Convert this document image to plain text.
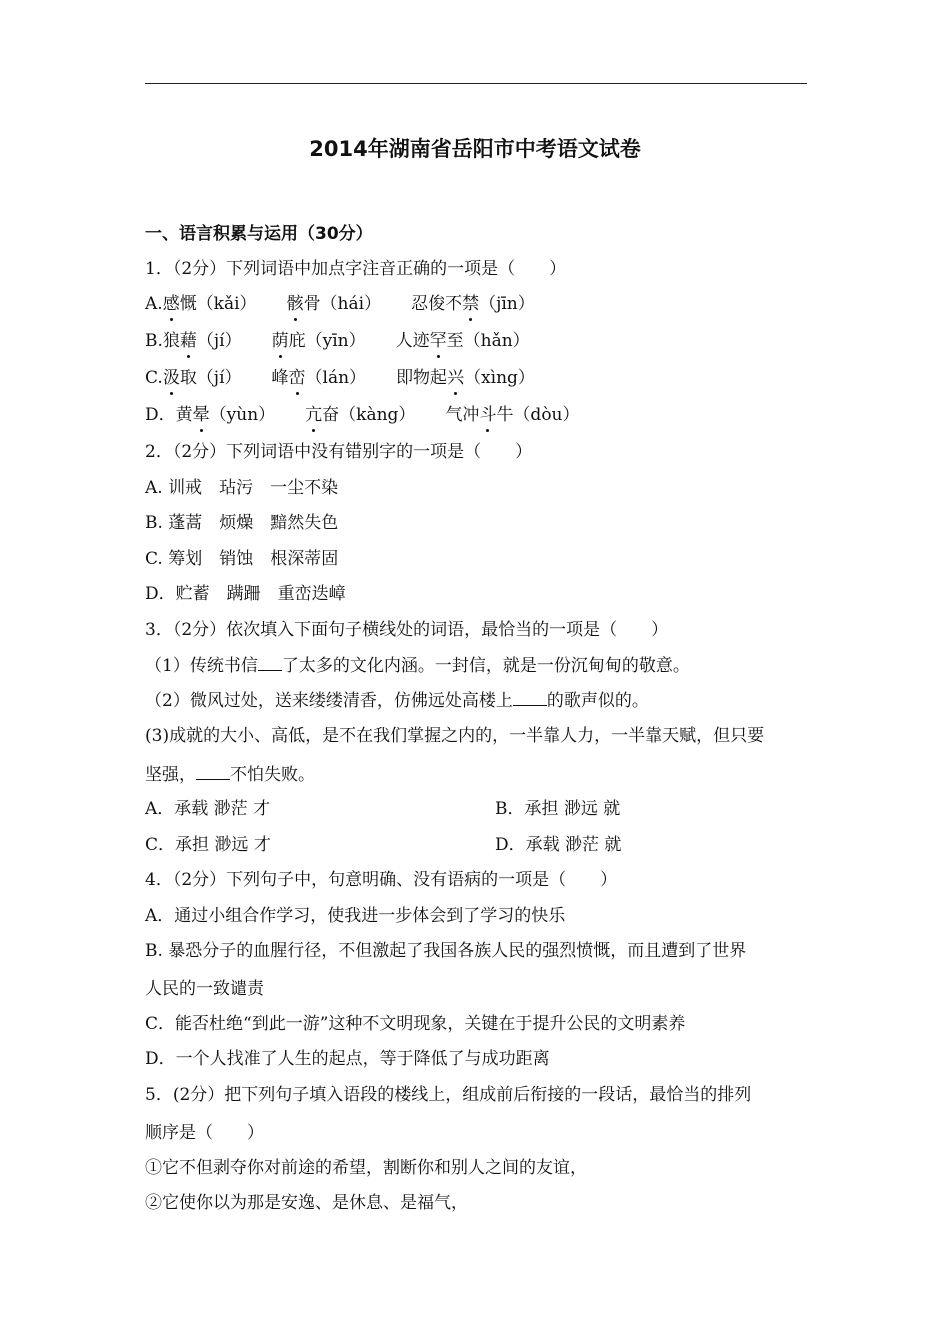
2014年湖南省岳阳市中考语文试卷
一、语言积累与运用（30分）
1．（2分）下列词语中加点字注音正确的一项是（　　）
A.感慨（kǎi） 骸骨（hái） 忍俊不禁（jīn）
B.狼藉（jí） 荫庇（yīn） 人迹罕至（hǎn）
C.汲取（jí） 峰峦（lán） 即物起兴（xìng）
D．黄晕（yùn） 亢奋（kàng） 气冲斗牛（dòu）
2．（2分）下列词语中没有错别字的一项是（　　）
A. 训戒　玷污　一尘不染
B. 蓬蒿　烦燥　黯然失色
C. 筹划　销蚀　根深蒂固
D．贮蓄　蹒跚　重峦迭嶂
3．（2分）依次填入下面句子横线处的词语，最恰当的一项是（　　）
（1）传统书信 了太多的文化内涵。一封信，就是一份沉甸甸的敬意。
（2）微风过处，送来缕缕清香，仿佛远处高楼上 的歌声似的。
(3)成就的大小、高低，是不在我们掌握之内的，一半靠人力，一半靠天赋，但只要
坚强， 不怕失败。
A．承载 渺茫 才	B．承担 渺远 就
C．承担 渺远 才	D．承载 渺茫 就
4．（2分）下列句子中，句意明确、没有语病的一项是（　　）
A．通过小组合作学习，使我进一步体会到了学习的快乐
B. 暴恐分子的血腥行径，不但激起了我国各族人民的强烈愤慨，而且遭到了世界
人民的一致谴责
C．能否杜绝“到此一游”这种不文明现象，关键在于提升公民的文明素养
D．一个人找准了人生的起点，等于降低了与成功距离
5．(2分）把下列句子填入语段的楼线上，组成前后衔接的一段话，最恰当的排列
顺序是（　　）
①它不但剥夺你对前途的希望，割断你和别人之间的友谊，
②它使你以为那是安逸、是休息、是福气，
